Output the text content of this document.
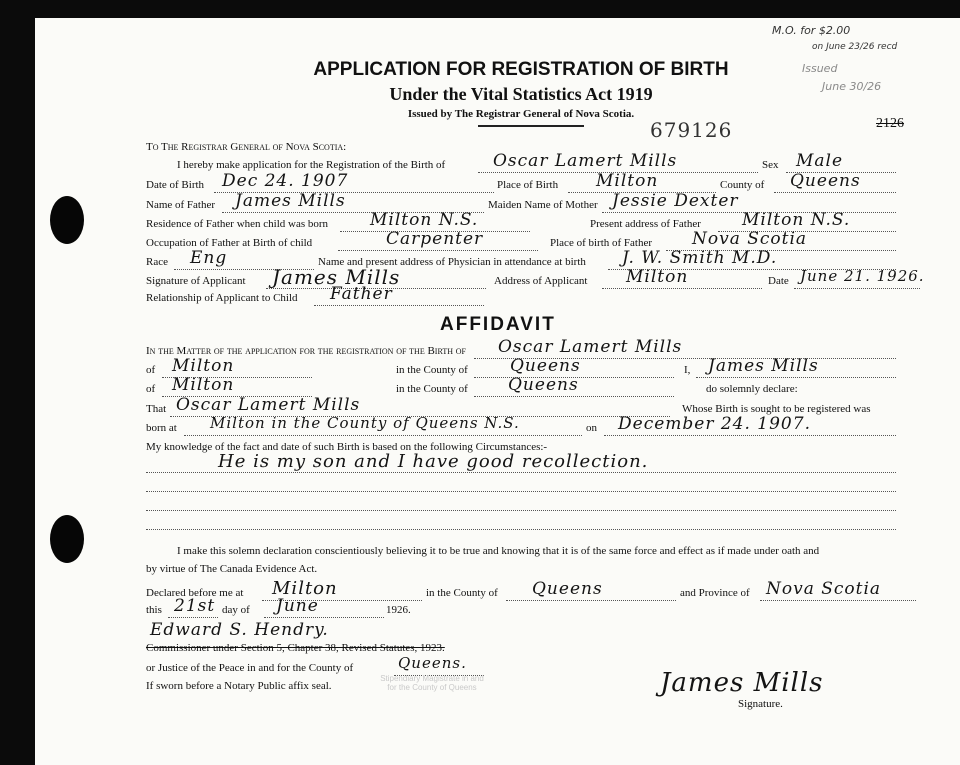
M.O. for $2.00
on June 23/26 recd
Issued
June 30/26
679126	2126
APPLICATION FOR REGISTRATION OF BIRTH
Under the Vital Statistics Act 1919
Issued by The Registrar General of Nova Scotia.
To The Registrar General of Nova Scotia:
I hereby make application for the Registration of the Birth of	Oscar Lamert Mills	Sex Male
Date of Birth Dec 24. 1907	Place of Birth Milton	County of Queens
Name of Father James Mills	Maiden Name of Mother Jessie Dexter
Residence of Father when child was born Milton N.S.	Present address of Father Milton N.S.
Occupation of Father at Birth of child	Carpenter	Place of birth of Father Nova Scotia
Race Eng	Name and present address of Physician in attendance at birth J. W. Smith M.D.
Signature of Applicant James Mills	Address of Applicant Milton	Date June 21. 1926.
Relationship of Applicant to Child Father
AFFIDAVIT
In the Matter of the application for the registration of the Birth of Oscar Lamert Mills
of Milton	in the County of Queens	I, James Mills
of Milton	in the County of Queens	do solemnly declare:
That Oscar Lamert Mills	Whose Birth is sought to be registered was
born at Milton in the County of Queens N.S.	on December 24. 1907.
My knowledge of the fact and date of such Birth is based on the following Circumstances:-
He is my son and I have good recollection.
I make this solemn declaration conscientiously believing it to be true and knowing that it is of the same force and effect as if made under oath and
by virtue of The Canada Evidence Act.
Declared before me at Milton	in the County of Queens	and Province of Nova Scotia
this 21st day of June	1926.
Edward S. Hendry.
Commissioner under Section 5, Chapter 38, Revised Statutes, 1923.
or Justice of the Peace in and for the County of	Queens.
If sworn before a Notary Public affix seal.
Stipendiary Magistrate in and
for the County of Queens	James Mills
Signature.
